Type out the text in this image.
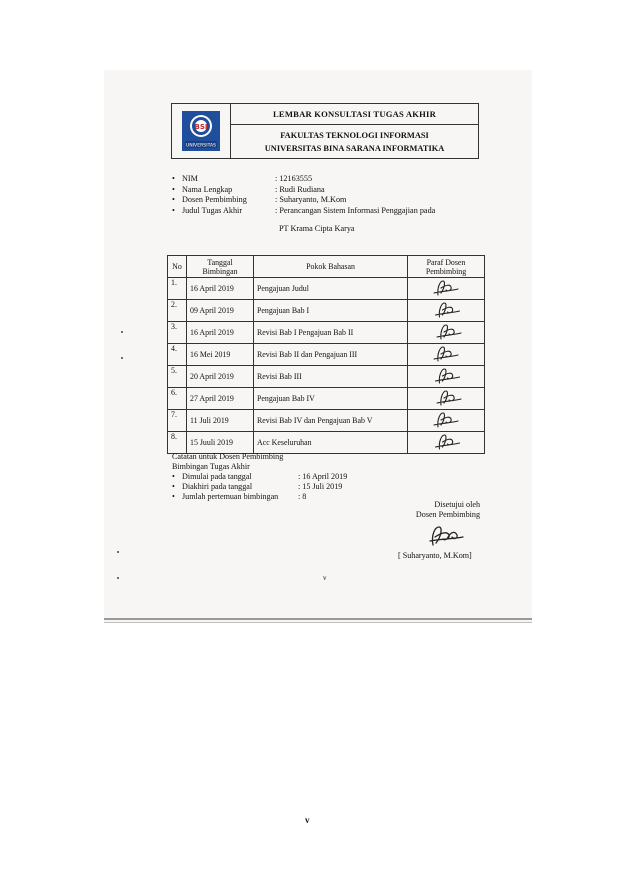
BSI
UNIVERSITAS
LEMBAR KONSULTASI TUGAS AKHIR
FAKULTAS TEKNOLOGI INFORMASI
UNIVERSITAS BINA SARANA INFORMATIKA
• NIM	: 12163555
• Nama Lengkap	: Rudi Rudiana
• Dosen Pembimbing	: Suharyanto, M.Kom
• Judul Tugas Akhir	: Perancangan Sistem Informasi Penggajian pada
PT Krama Cipta Karya
No	Tanggal Bimbingan	Pokok Bahasan	Paraf Dosen Pembimbing
1.	16 April 2019	Pengajuan Judul	
2.	09 April 2019	Pengajuan Bab I	
3.	16 April 2019	Revisi Bab I Pengajuan Bab II	
4.	16 Mei 2019	Revisi Bab II dan Pengajuan III	
5.	20 April 2019	Revisi Bab III	
6.	27 April 2019	Pengajuan Bab IV	
7.	11 Juli 2019	Revisi Bab IV dan Pengajuan Bab V	
8.	15 Juuli 2019	Acc Keseluruhan	
Catatan untuk Dosen Pembimbing
Bimbingan Tugas Akhir
• Dimulai pada tanggal	: 16 April 2019
• Diakhiri pada tanggal	: 15 Juli 2019
• Jumlah pertemuan bimbingan	: 8
Disetujui oleh
Dosen Pembimbing
[ Suharyanto, M.Kom]
v
v
